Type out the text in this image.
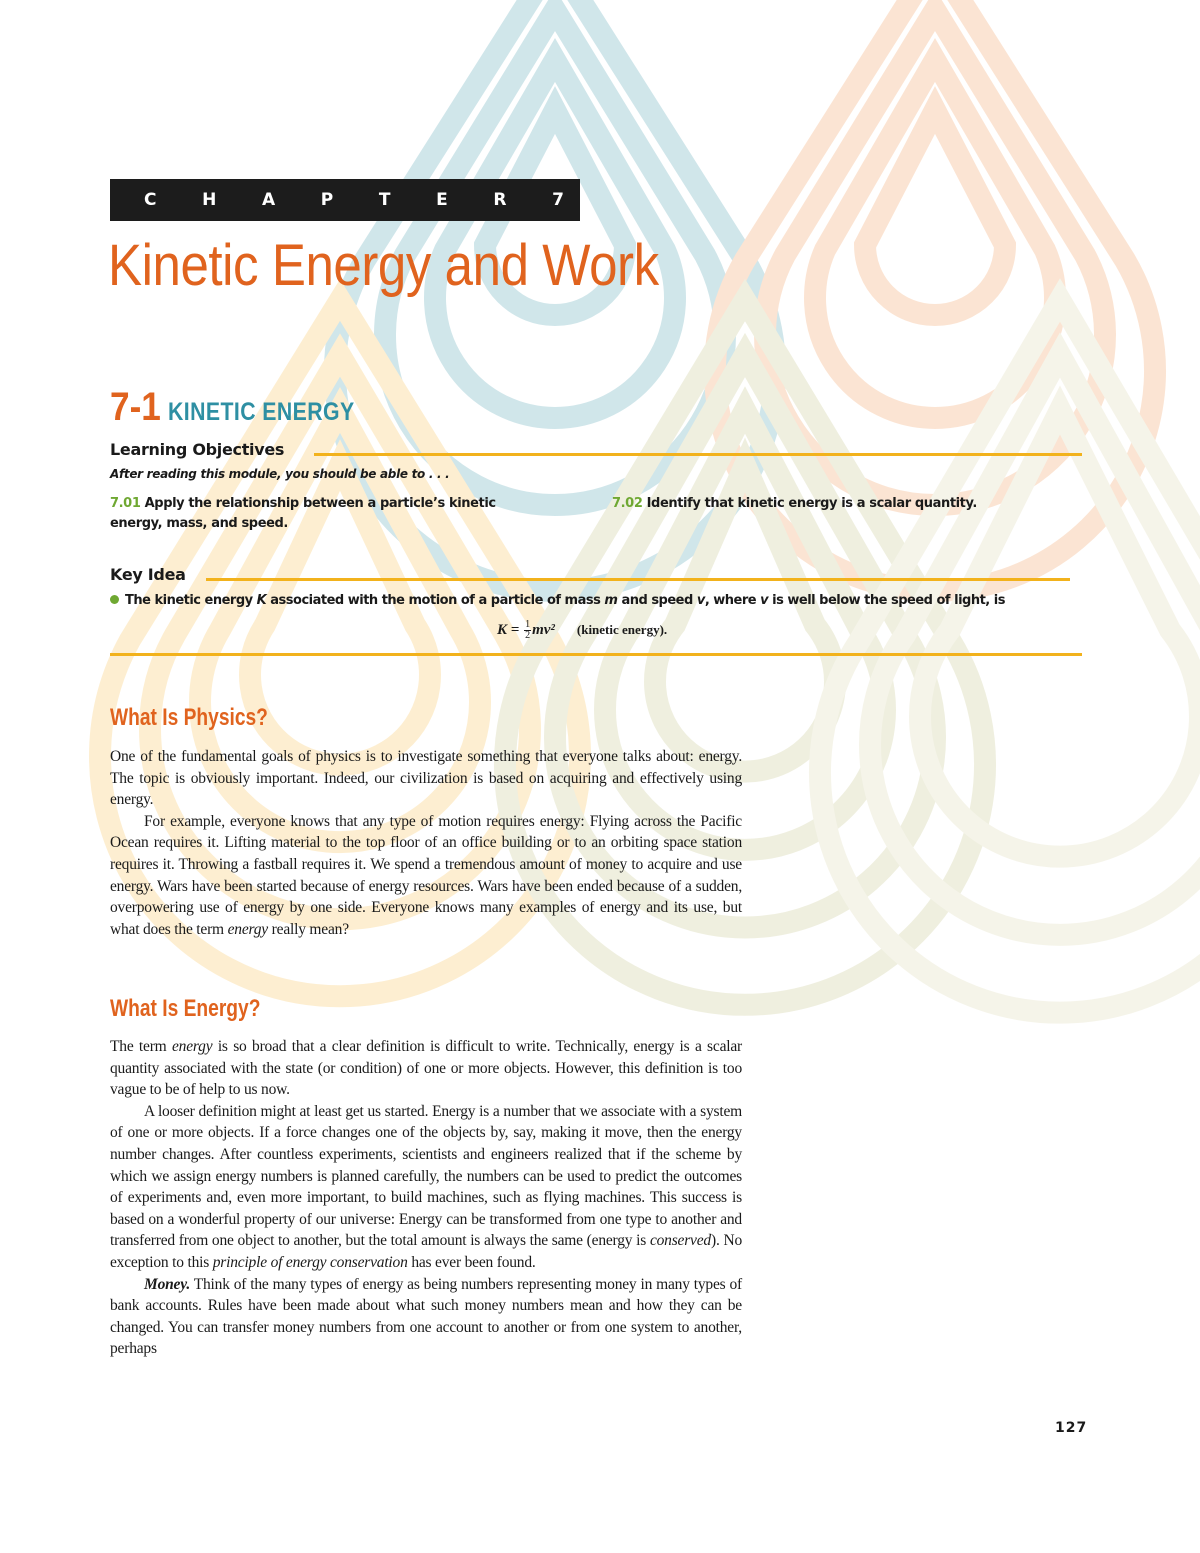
C	H	A	P	T	E	R	7
Kinetic Energy and Work
7-1 KINETIC ENERGY
Learning Objectives
After reading this module, you should be able to . . .
7.01 Apply the relationship between a particle’s kinetic energy, mass, and speed.
7.02 Identify that kinetic energy is a scalar quantity.
Key Idea
The kinetic energy K associated with the motion of a particle of mass m and speed v, where v is well below the speed of light, is
$K = \frac{1}{2} mv^2$ (kinetic energy).
What Is Physics?

One of the fundamental goals of physics is to investigate something that everyone talks about: energy. The topic is obviously important. Indeed, our civilization is based on acquiring and effectively using energy.

For example, everyone knows that any type of motion requires energy: Flying across the Pacific Ocean requires it. Lifting material to the top floor of an office building or to an orbiting space station requires it. Throwing a fastball requires it. We spend a tremendous amount of money to acquire and use energy. Wars have been started because of energy resources. Wars have been ended because of a sudden, overpowering use of energy by one side. Everyone knows many examples of energy and its use, but what does the term energy really mean?

What Is Energy?

The term energy is so broad that a clear definition is difficult to write. Technically, energy is a scalar quantity associated with the state (or condition) of one or more objects. However, this definition is too vague to be of help to us now.

A looser definition might at least get us started. Energy is a number that we associate with a system of one or more objects. If a force changes one of the objects by, say, making it move, then the energy number changes. After countless experiments, scientists and engineers realized that if the scheme by which we assign energy numbers is planned carefully, the numbers can be used to predict the outcomes of experiments and, even more important, to build machines, such as flying machines. This success is based on a wonderful property of our universe: Energy can be transformed from one type to another and transferred from one object to another, but the total amount is always the same (energy is conserved). No exception to this principle of energy conservation has ever been found.

Money. Think of the many types of energy as being numbers representing money in many types of bank accounts. Rules have been made about what such money numbers mean and how they can be changed. You can transfer money numbers from one account to another or from one system to another, perhaps

127
